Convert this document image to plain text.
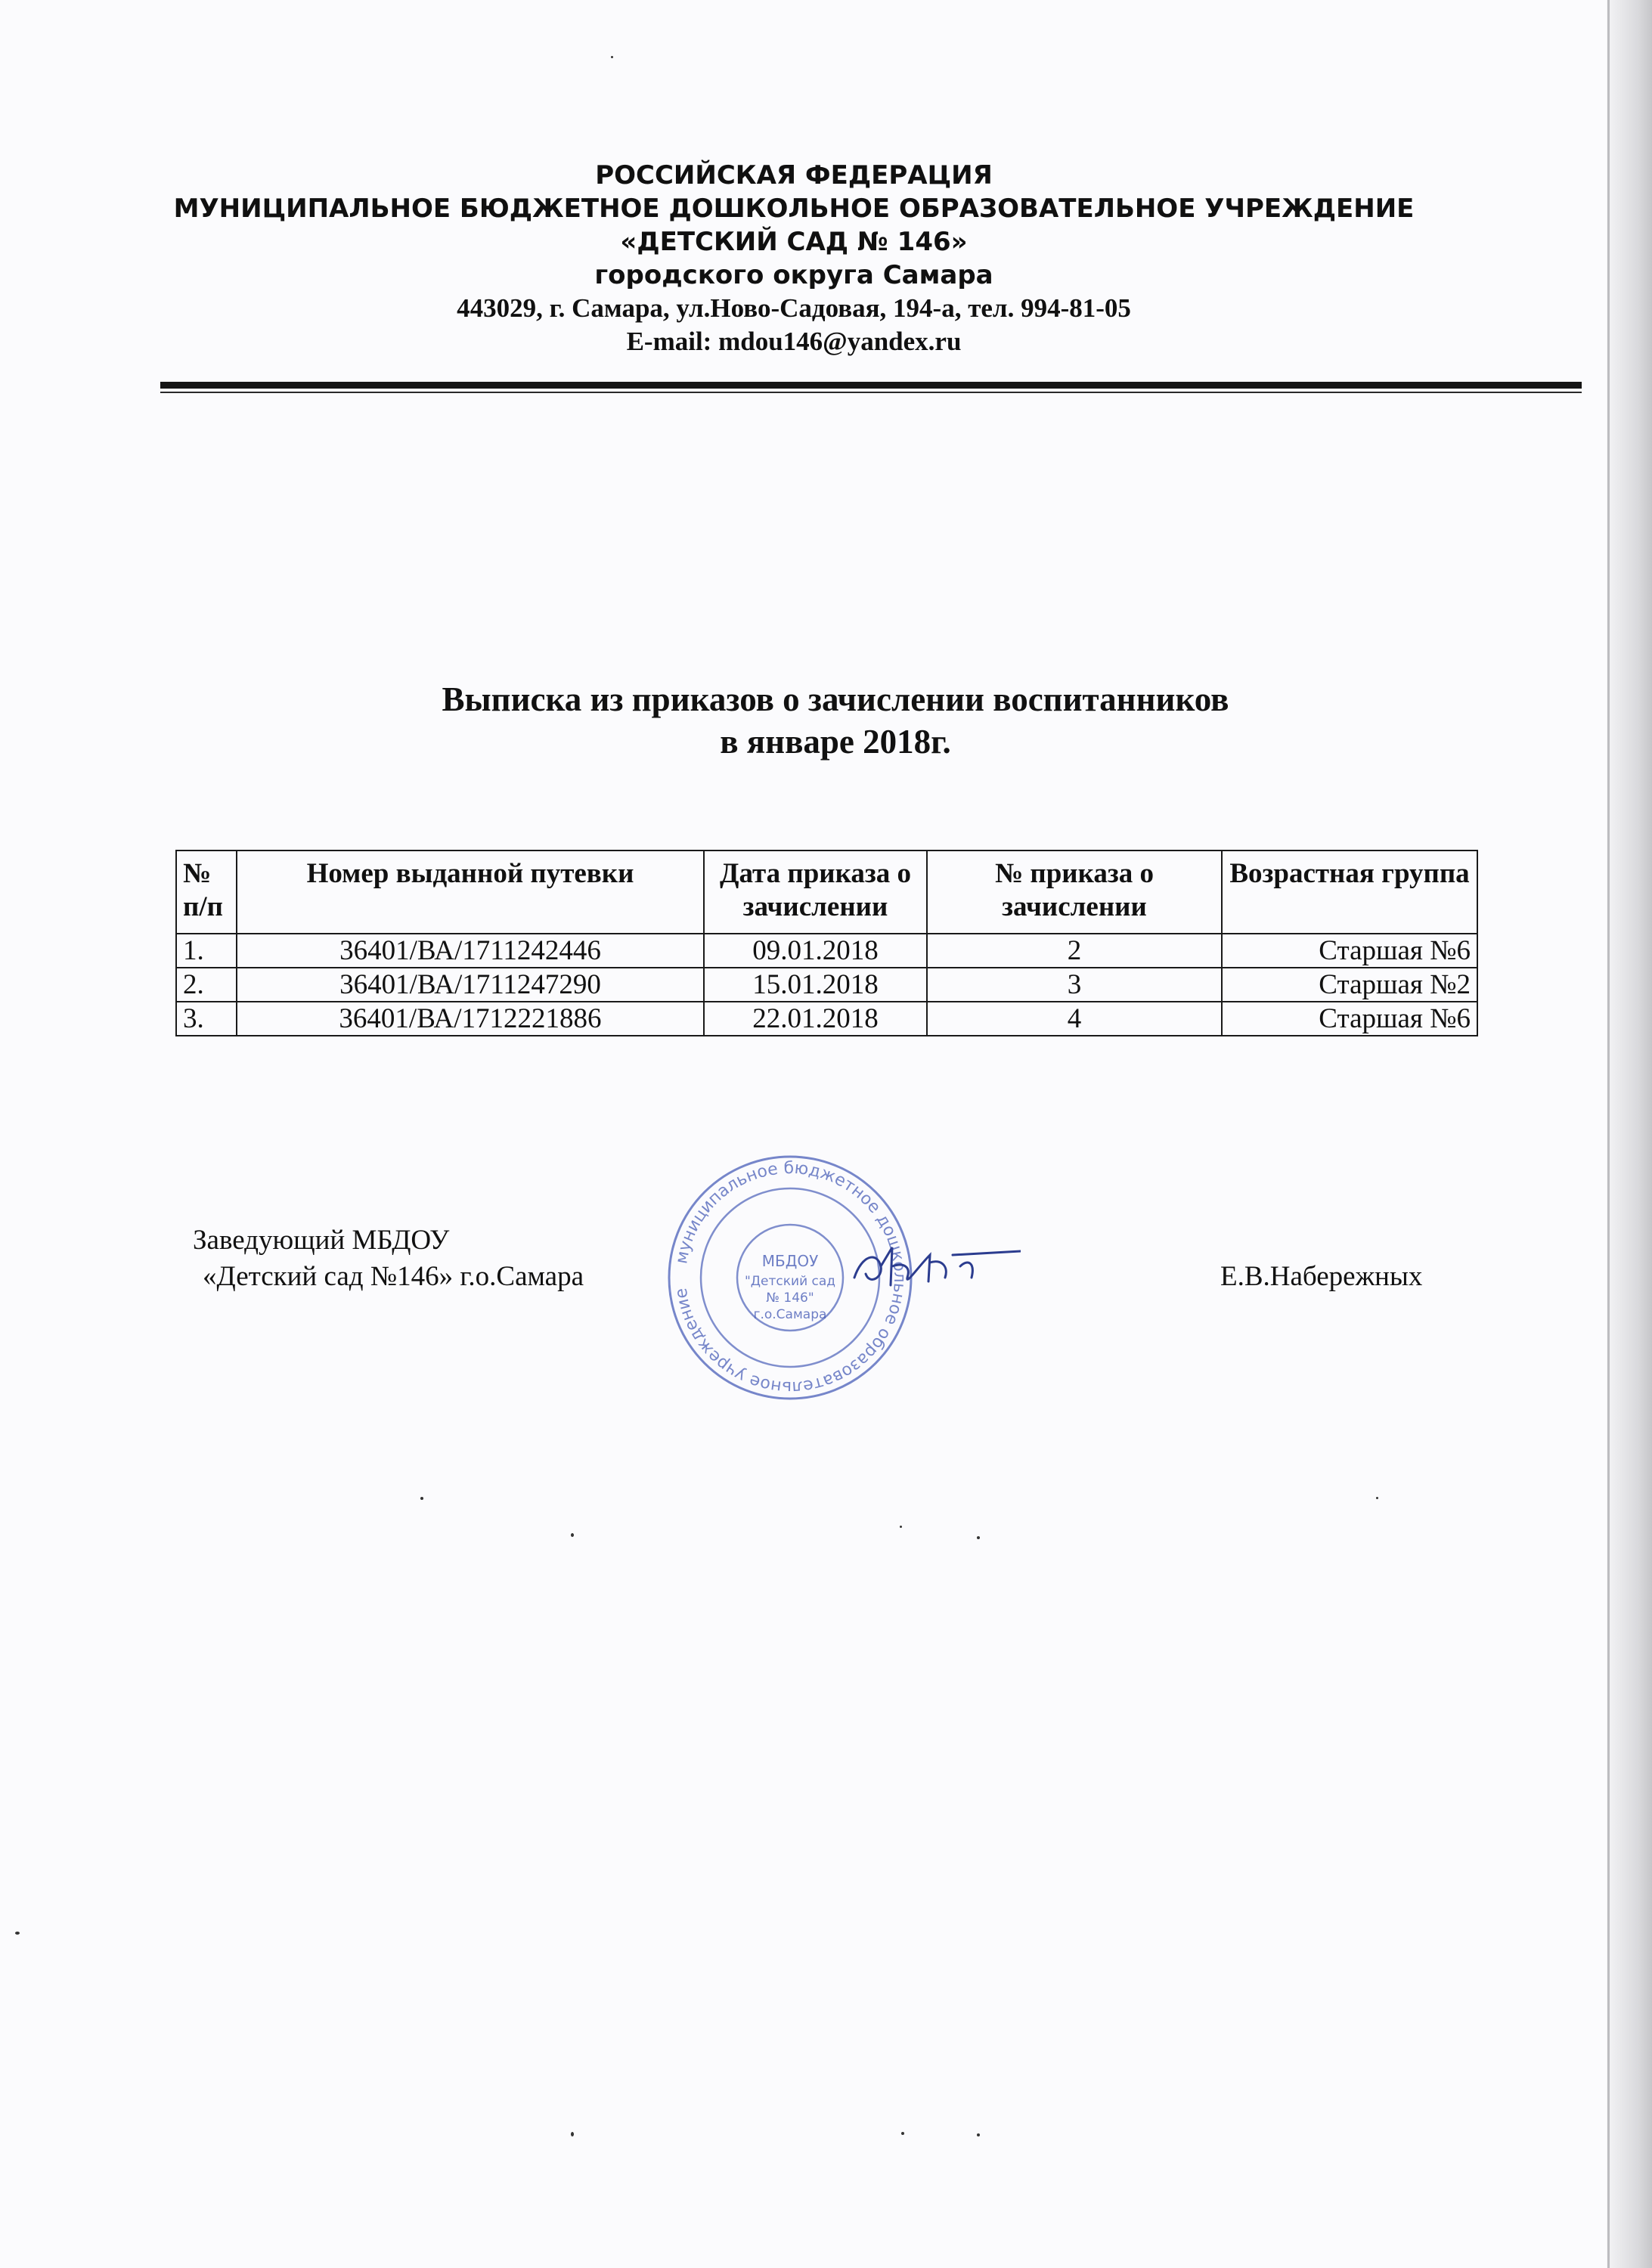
РОССИЙСКАЯ ФЕДЕРАЦИЯ
МУНИЦИПАЛЬНОЕ БЮДЖЕТНОЕ ДОШКОЛЬНОЕ ОБРАЗОВАТЕЛЬНОЕ УЧРЕЖДЕНИЕ
«ДЕТСКИЙ САД № 146»
городского округа Самара
443029, г. Самара, ул.Ново-Садовая, 194-а, тел. 994-81-05
E-mail: mdou146@yandex.ru
Выписка из приказов о зачислении воспитанников
в январе 2018г.
№ п/п	Номер выданной путевки	Дата приказа о зачислении	№ приказа о зачислении	Возрастная группа
1.	36401/ВА/1711242446	09.01.2018	2	Старшая №6
2.	36401/ВА/1711247290	15.01.2018	3	Старшая №2
3.	36401/ВА/1712221886	22.01.2018	4	Старшая №6
муниципальное бюджетное дошкольное образовательное учреждение
МБДОУ
"Детский сад
№ 146"
г.о.Самара
Заведующий МБДОУ
«Детский сад №146» г.о.Самара	Е.В.Набережных
